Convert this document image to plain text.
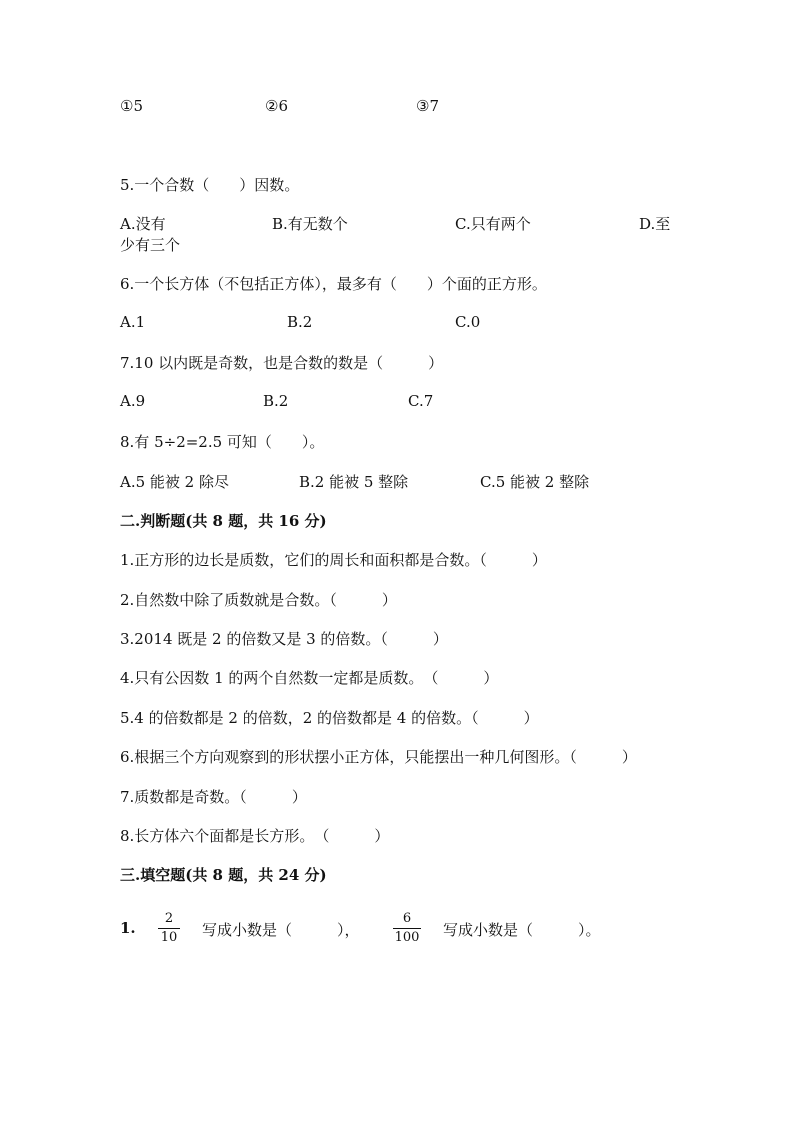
①5	②6	③7
5.一个合数（　　）因数。
A.没有	B.有无数个	C.只有两个	D.至
少有三个
6.一个长方体（不包括正方体），最多有（　　）个面的正方形。
A.1	B.2	C.0
7.10 以内既是奇数，也是合数的数是（　　　）
A.9	B.2	C.7
8.有 5÷2=2.5 可知（　　）。
A.5 能被 2 除尽	B.2 能被 5 整除	C.5 能被 2 整除
二.判断题(共 8 题，共 16 分)
1.正方形的边长是质数，它们的周长和面积都是合数。（　　　）
2.自然数中除了质数就是合数。（　　　）
3.2014 既是 2 的倍数又是 3 的倍数。（　　　）
4.只有公因数 1 的两个自然数一定都是质数。　（　　　）
5.4 的倍数都是 2 的倍数，2 的倍数都是 4 的倍数。（　　　）
6.根据三个方向观察到的形状摆小正方体，只能摆出一种几何图形。（　　　）
7.质数都是奇数。（　　　）
8.长方体六个面都是长方形。　（　　　）
三.填空题(共 8 题，共 24 分)
1.
2
10 写成小数是（　　　），
6
100 写成小数是（　　　）。
